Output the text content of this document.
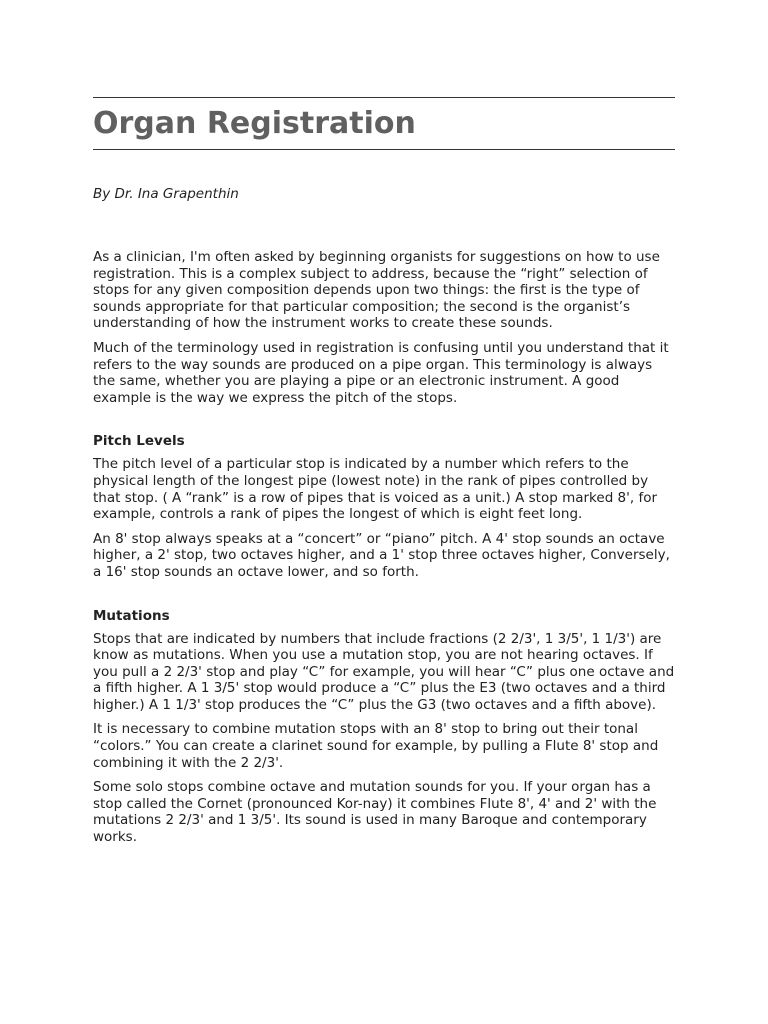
Organ Registration
By Dr. Ina Grapenthin

As a clinician, I'm often asked by beginning organists for suggestions on how to use registration. This is a complex subject to address, because the “right” selection of stops for any given composition depends upon two things: the first is the type of sounds appropriate for that particular composition; the second is the organist’s understanding of how the instrument works to create these sounds.

Much of the terminology used in registration is confusing until you understand that it refers to the way sounds are produced on a pipe organ. This terminology is always the same, whether you are playing a pipe or an electronic instrument. A good example is the way we express the pitch of the stops.

Pitch Levels

The pitch level of a particular stop is indicated by a number which refers to the physical length of the longest pipe (lowest note) in the rank of pipes controlled by that stop. ( A “rank” is a row of pipes that is voiced as a unit.) A stop marked 8', for example, controls a rank of pipes the longest of which is eight feet long.

An 8' stop always speaks at a “concert” or “piano” pitch. A 4' stop sounds an octave higher, a 2' stop, two octaves higher, and a 1' stop three octaves higher, Conversely, a 16' stop sounds an octave lower, and so forth.

Mutations

Stops that are indicated by numbers that include fractions (2 2/3', 1 3/5', 1 1/3') are know as mutations. When you use a mutation stop, you are not hearing octaves. If you pull a 2 2/3' stop and play “C” for example, you will hear “C” plus one octave and a fifth higher. A 1 3/5' stop would produce a “C” plus the E3 (two octaves and a third higher.) A 1 1/3' stop produces the “C” plus the G3 (two octaves and a fifth above).

It is necessary to combine mutation stops with an 8' stop to bring out their tonal “colors.” You can create a clarinet sound for example, by pulling a Flute 8' stop and combining it with the 2 2/3'.

Some solo stops combine octave and mutation sounds for you. If your organ has a stop called the Cornet (pronounced Kor-nay) it combines Flute 8', 4' and 2' with the mutations 2 2/3' and 1 3/5'. Its sound is used in many Baroque and contemporary works.
